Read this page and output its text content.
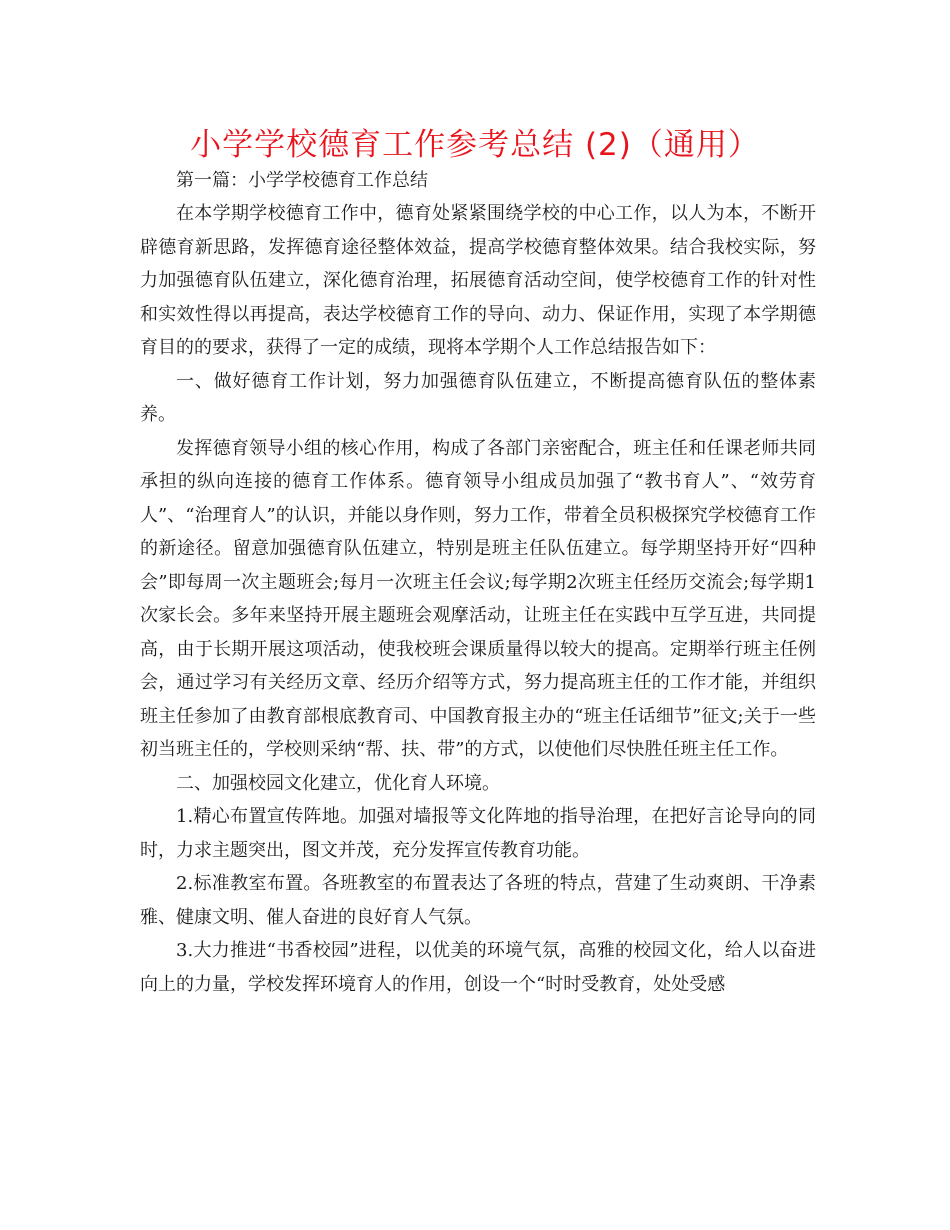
小学学校德育工作参考总结 (2)（通用）

第一篇：小学学校德育工作总结

在本学期学校德育工作中，德育处紧紧围绕学校的中心工作，以人为本，不断开辟德育新思路，发挥德育途径整体效益，提高学校德育整体效果。结合我校实际，努力加强德育队伍建立，深化德育治理，拓展德育活动空间，使学校德育工作的针对性和实效性得以再提高，表达学校德育工作的导向、动力、保证作用，实现了本学期德育目的的要求，获得了一定的成绩，现将本学期个人工作总结报告如下：

一、做好德育工作计划，努力加强德育队伍建立，不断提高德育队伍的整体素养。

发挥德育领导小组的核心作用，构成了各部门亲密配合，班主任和任课老师共同承担的纵向连接的德育工作体系。德育领导小组成员加强了“教书育人”、“效劳育人”、“治理育人”的认识，并能以身作则，努力工作，带着全员积极探究学校德育工作的新途径。留意加强德育队伍建立，特别是班主任队伍建立。每学期坚持开好“四种会”即每周一次主题班会;每月一次班主任会议;每学期2次班主任经历交流会;每学期1次家长会。多年来坚持开展主题班会观摩活动，让班主任在实践中互学互进，共同提高，由于长期开展这项活动，使我校班会课质量得以较大的提高。定期举行班主任例会，通过学习有关经历文章、经历介绍等方式，努力提高班主任的工作才能，并组织班主任参加了由教育部根底教育司、中国教育报主办的“班主任话细节”征文;关于一些初当班主任的，学校则采纳“帮、扶、带”的方式，以使他们尽快胜任班主任工作。

二、加强校园文化建立，优化育人环境。

1.精心布置宣传阵地。加强对墙报等文化阵地的指导治理，在把好言论导向的同时，力求主题突出，图文并茂，充分发挥宣传教育功能。

2.标准教室布置。各班教室的布置表达了各班的特点，营建了生动爽朗、干净素雅、健康文明、催人奋进的良好育人气氛。

3.大力推进“书香校园”进程，以优美的环境气氛，高雅的校园文化，给人以奋进向上的力量，学校发挥环境育人的作用，创设一个“时时受教育，处处受感
